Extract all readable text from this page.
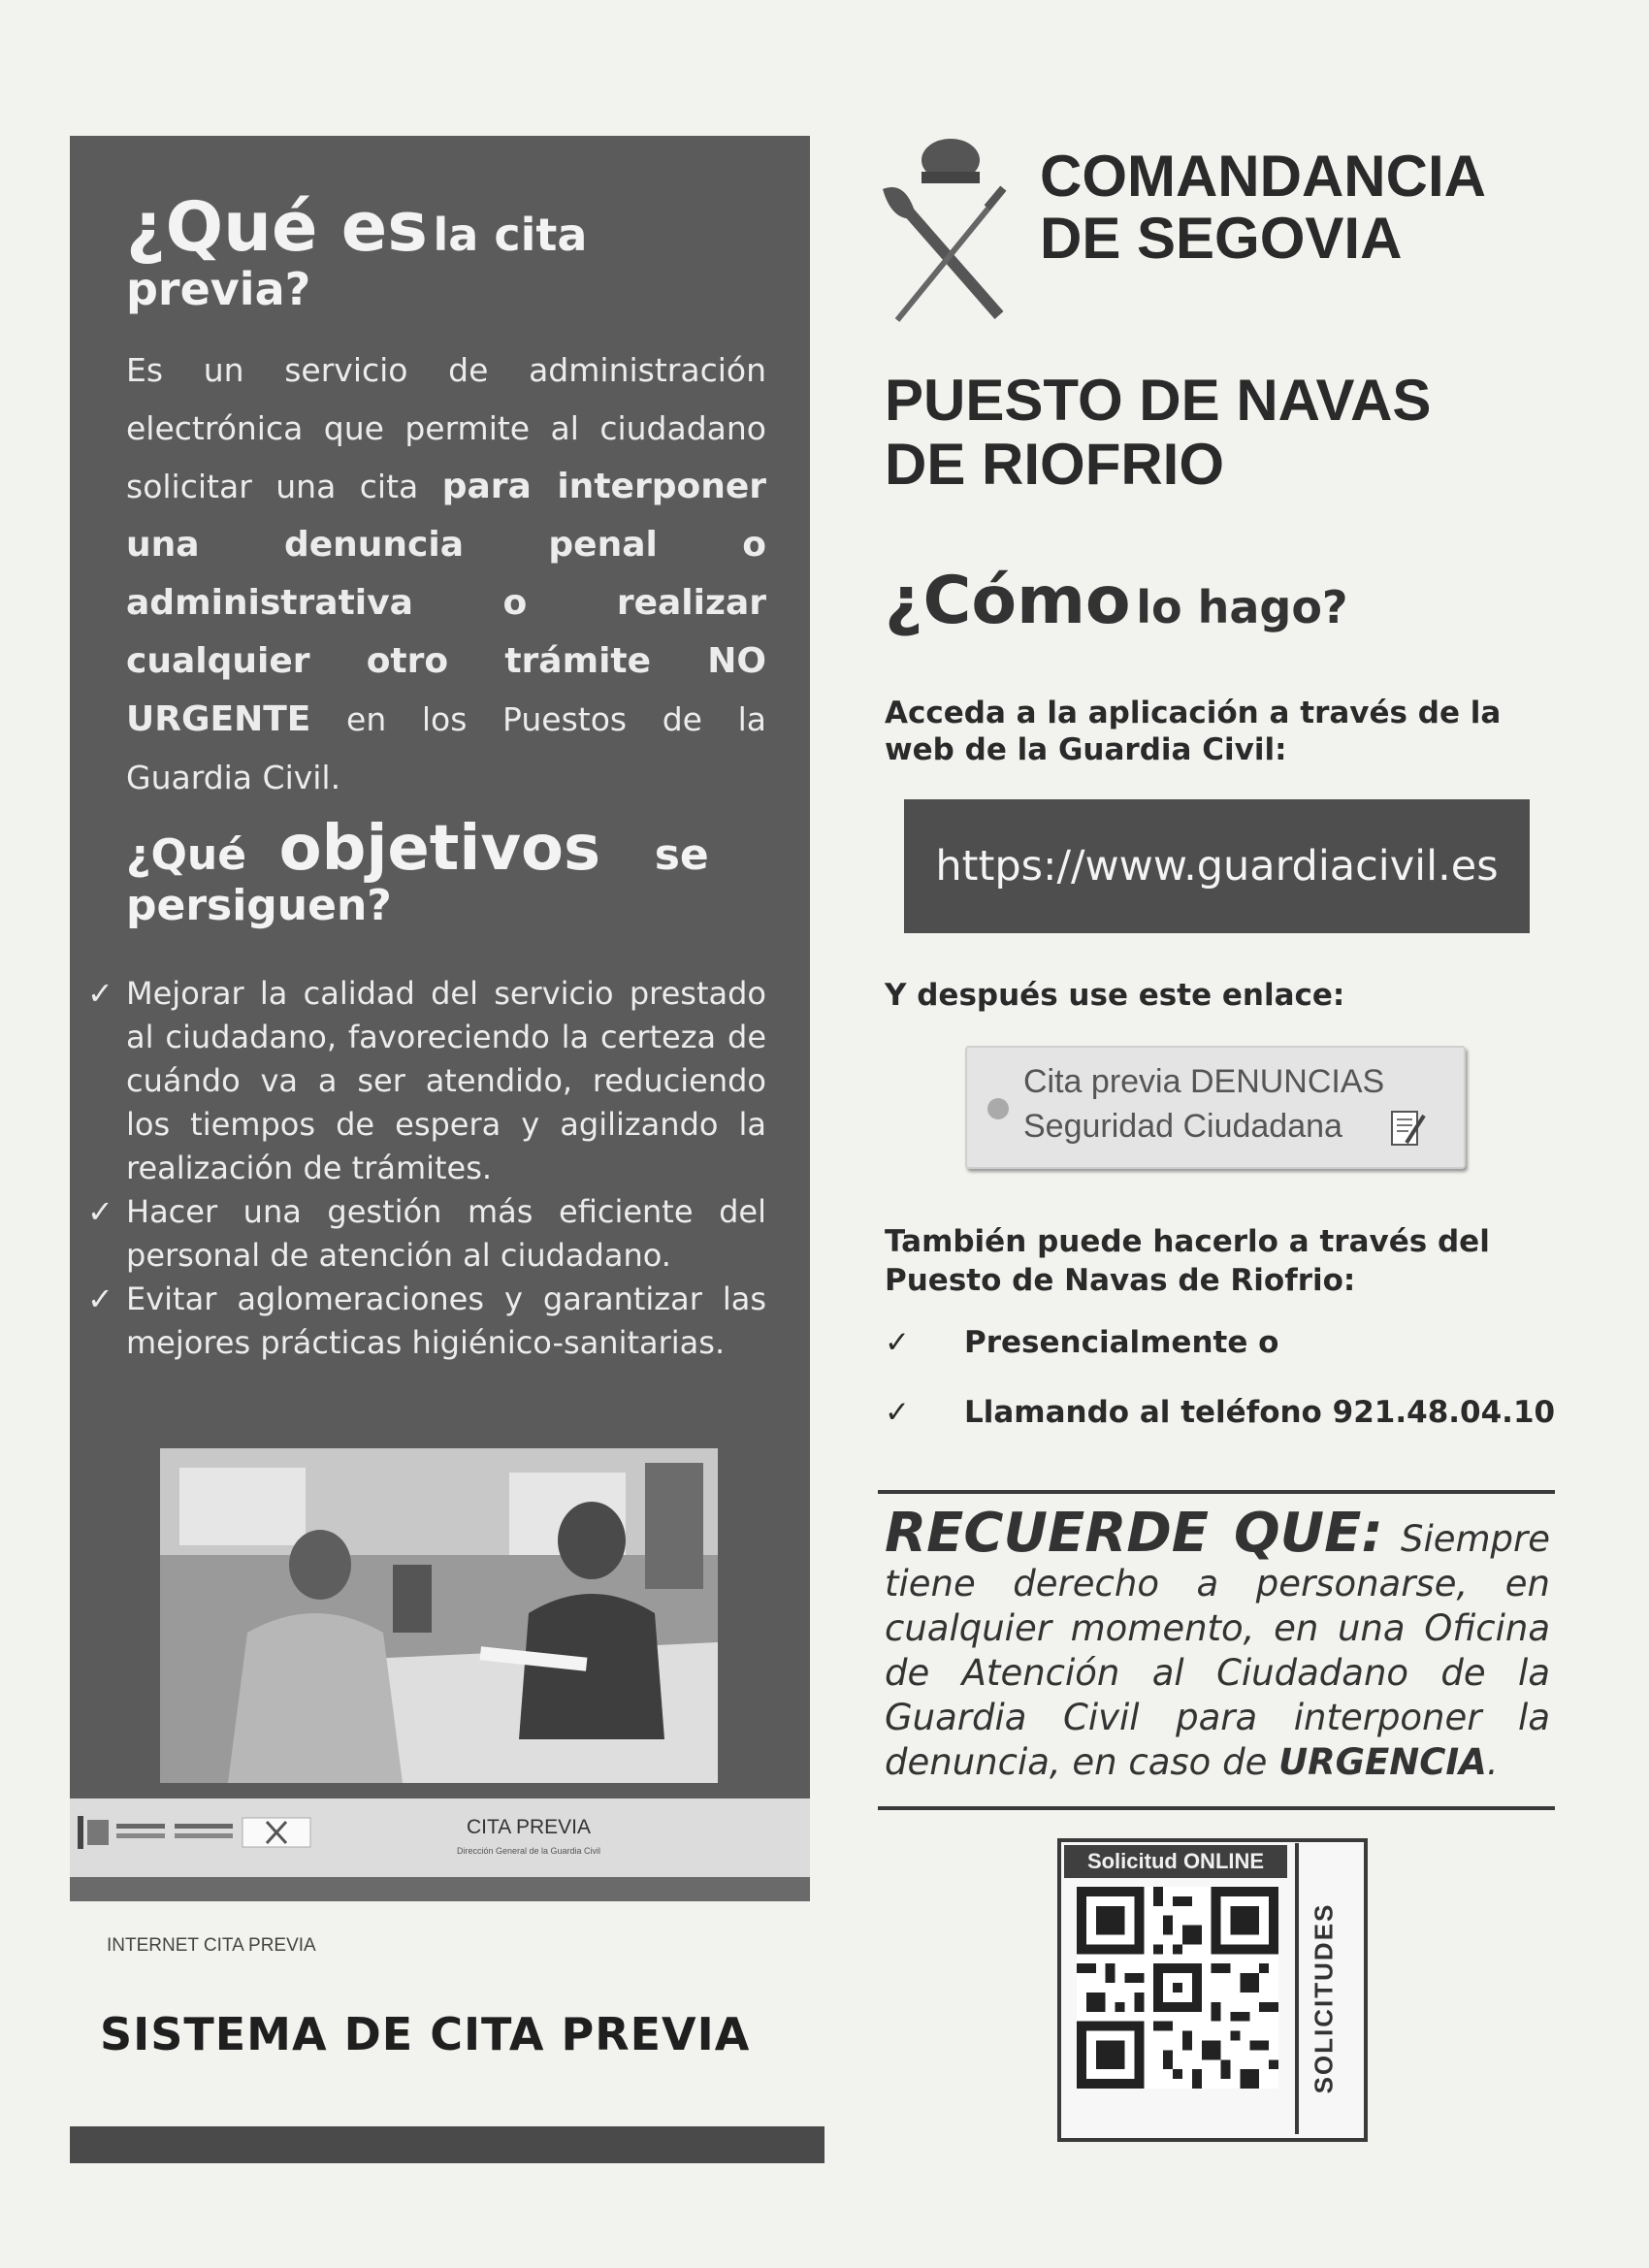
¿Qué es la cita
previa?
Es un servicio de administración electrónica que permite al ciudadano solicitar una cita para interponer una denuncia penal o administrativa o realizar cualquier otro trámite NO URGENTE en los Puestos de la Guardia Civil.
¿Qué objetivos se
persiguen?
✓ Mejorar la calidad del servicio prestado al ciudadano, favoreciendo la certeza de cuándo va a ser atendido, reduciendo los tiempos de espera y agilizando la realización de trámites.
✓ Hacer una gestión más eficiente del personal de atención al ciudadano.
✓ Evitar aglomeraciones y garantizar las mejores prácticas higiénico-sanitarias.
CITA PREVIA
Dirección General de la Guardia Civil
INTERNET CITA PREVIA
SISTEMA DE CITA PREVIA
COMANDANCIA
DE SEGOVIA
PUESTO DE NAVAS
DE RIOFRIO
¿Cómo lo hago?
Acceda a la aplicación a través de la web de la Guardia Civil:
https://www.guardiacivil.es
Y después use este enlace:
Cita previa DENUNCIAS
Seguridad Ciudadana
También puede hacerlo a través del Puesto de Navas de Riofrio:
✓ Presencialmente o
✓ Llamando al teléfono 921.48.04.10
RECUERDE QUE: Siempre tiene derecho a personarse, en cualquier momento, en una Oficina de Atención al Ciudadano de la Guardia Civil para interponer la denuncia, en caso de URGENCIA.
Solicitud ONLINE
SOLICITUDES
